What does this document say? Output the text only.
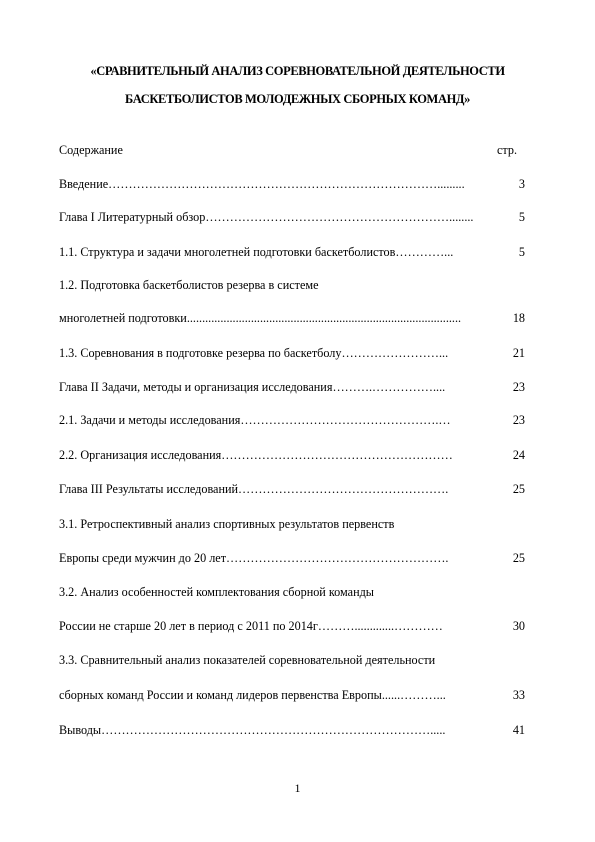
«СРАВНИТЕЛЬНЫЙ АНАЛИЗ СОРЕВНОВАТЕЛЬНОЙ ДЕЯТЕЛЬНОСТИ
БАСКЕТБОЛИСТОВ МОЛОДЕЖНЫХ СБОРНЫХ КОМАНД»
Содержание	стр.
Введение	3
……………………………………………………………………….........
Глава I Литературный обзор	5
……………………………………………………........
1.1. Структура и задачи многолетней подготовки баскетболистов	5
…………...
1.2. Подготовка баскетболистов резерва в системе
многолетней подготовки	18
..........................................................................................
1.3. Соревнования в подготовке резерва по баскетболу	21
……………………...
Глава II Задачи, методы и организация исследования	23
……….……………....
2.1. Задачи и методы исследования	23
………………………………………….…
2.2. Организация исследования	24
…………………………………………………
Глава III Результаты исследований	25
…………………………………………….
3.1. Ретроспективный анализ спортивных результатов первенств
Европы среди мужчин до 20 лет	25
……………………………………………….
3.2. Анализ особенностей комплектования сборной команды
России не старше 20 лет в период с 2011 по 2014г	30
……….............…………
3.3. Сравнительный анализ показателей соревновательной деятельности
сборных команд России и команд лидеров первенства Европы	33
......………...
Выводы	41
……………………………………………………………………….....
1
